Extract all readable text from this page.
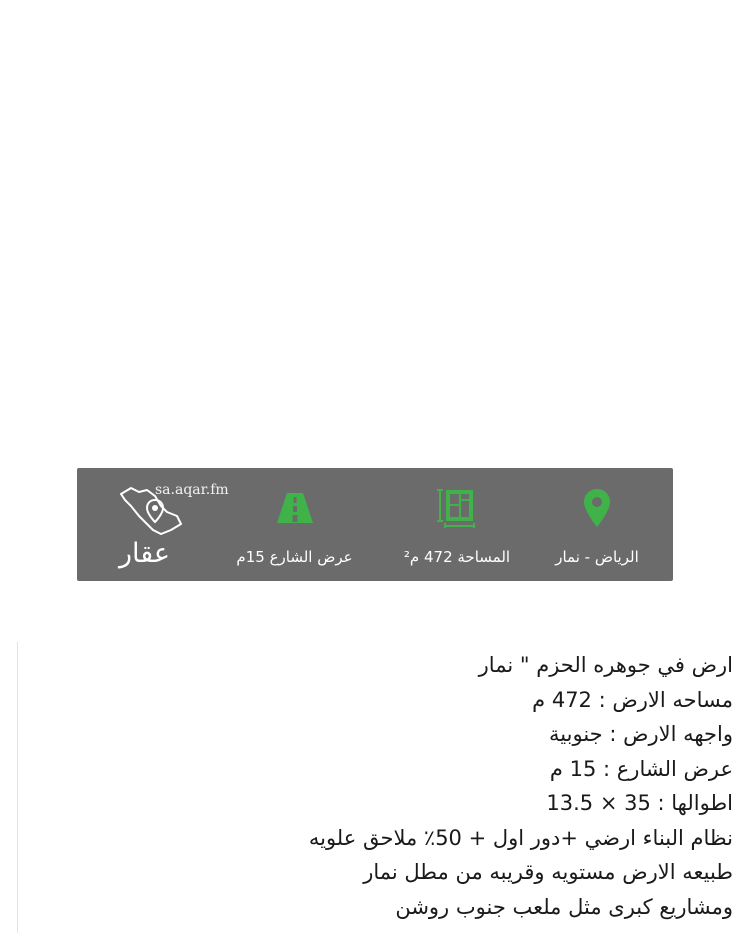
الرياض - نمار
المساحة 472 م²
عرض الشارع 15م
sa.aqar.fm
عقار
ارض في جوهره الحزم " نمار
مساحه الارض : 472 م
واجهه الارض : جنوبية
عرض الشارع : 15 م
اطوالها : 35 × 13.5
نظام البناء ارضي +دور اول + 50٪ ملاحق علويه
طبيعه الارض مستويه وقريبه من مطل نمار
ومشاريع كبرى مثل ملعب جنوب روشن
